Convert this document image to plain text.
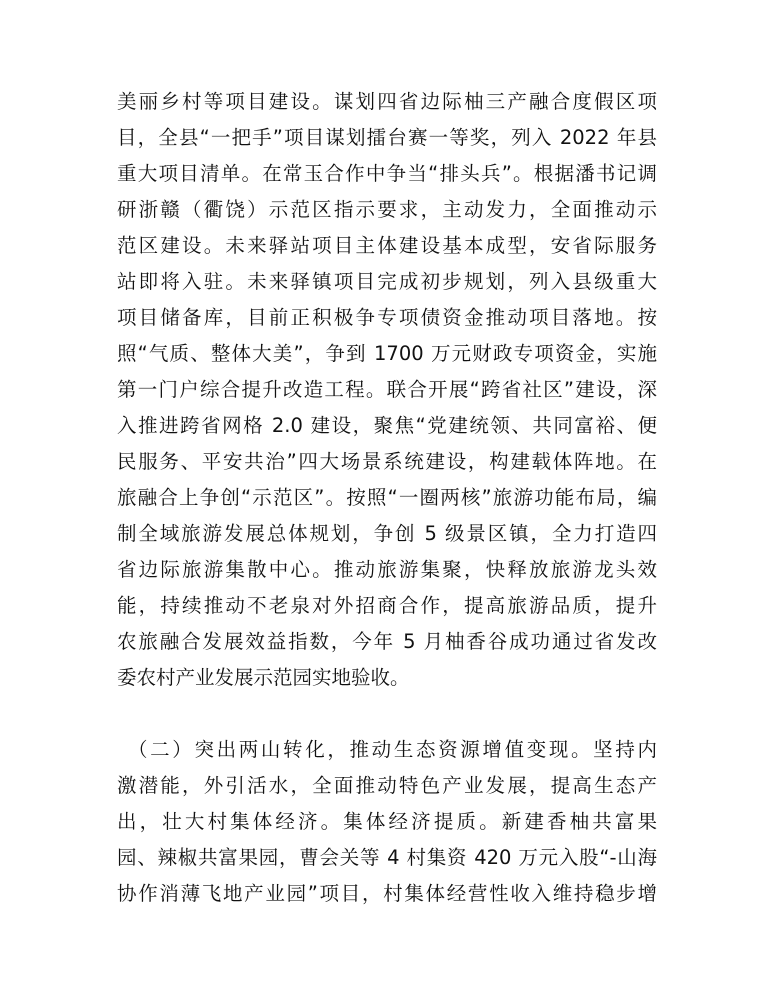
美丽乡村等项目建设。谋划四省边际柚三产融合度假区项
目，全县“一把手”项目谋划擂台赛一等奖，列入 2022 年县
重大项目清单。在常玉合作中争当“排头兵”。根据潘书记调
研浙赣（衢饶）示范区指示要求，主动发力，全面推动示
范区建设。未来驿站项目主体建设基本成型，安省际服务
站即将入驻。未来驿镇项目完成初步规划，列入县级重大
项目储备库，目前正积极争专项债资金推动项目落地。按
照“气质、整体大美”，争到 1700 万元财政专项资金，实施
第一门户综合提升改造工程。联合开展“跨省社区”建设，深
入推进跨省网格 2.0 建设，聚焦“党建统领、共同富裕、便
民服务、平安共治”四大场景系统建设，构建载体阵地。在
旅融合上争创“示范区”。按照“一圈两核”旅游功能布局，编
制全域旅游发展总体规划，争创 5 级景区镇，全力打造四
省边际旅游集散中心。推动旅游集聚，快释放旅游龙头效
能，持续推动不老泉对外招商合作，提高旅游品质，提升
农旅融合发展效益指数，今年 5 月柚香谷成功通过省发改
委农村产业发展示范园实地验收。
（二）突出两山转化，推动生态资源增值变现。坚持内
激潜能，外引活水，全面推动特色产业发展，提高生态产
出，壮大村集体经济。集体经济提质。新建香柚共富果
园、辣椒共富果园，曹会关等 4 村集资 420 万元入股“-山海
协作消薄飞地产业园”项目，村集体经营性收入维持稳步增
